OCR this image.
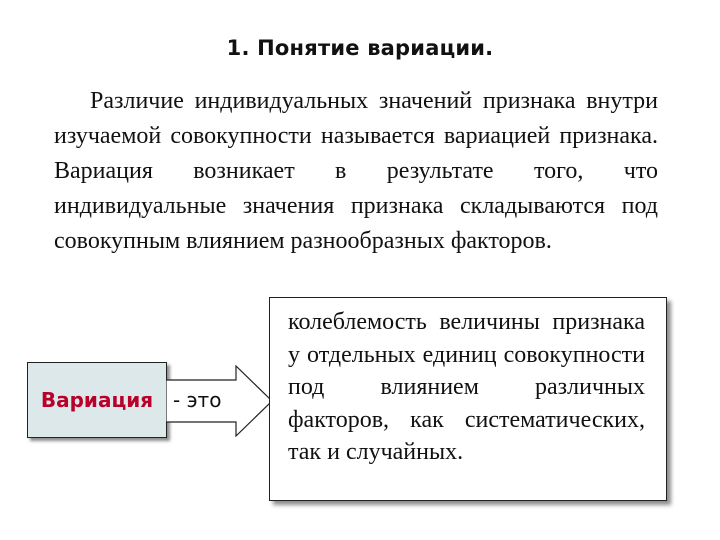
1. Понятие вариации.

Различие индивидуальных значений признака внутри изучаемой совокупности называется вариацией признака. Вариация возникает в результате того, что индивидуальные значения признака складываются под совокупным влиянием разнообразных факторов.

Вариация - это

колеблемость величины признака у отдельных единиц совокупности под влиянием различных факторов, как систематических, так и случайных.
